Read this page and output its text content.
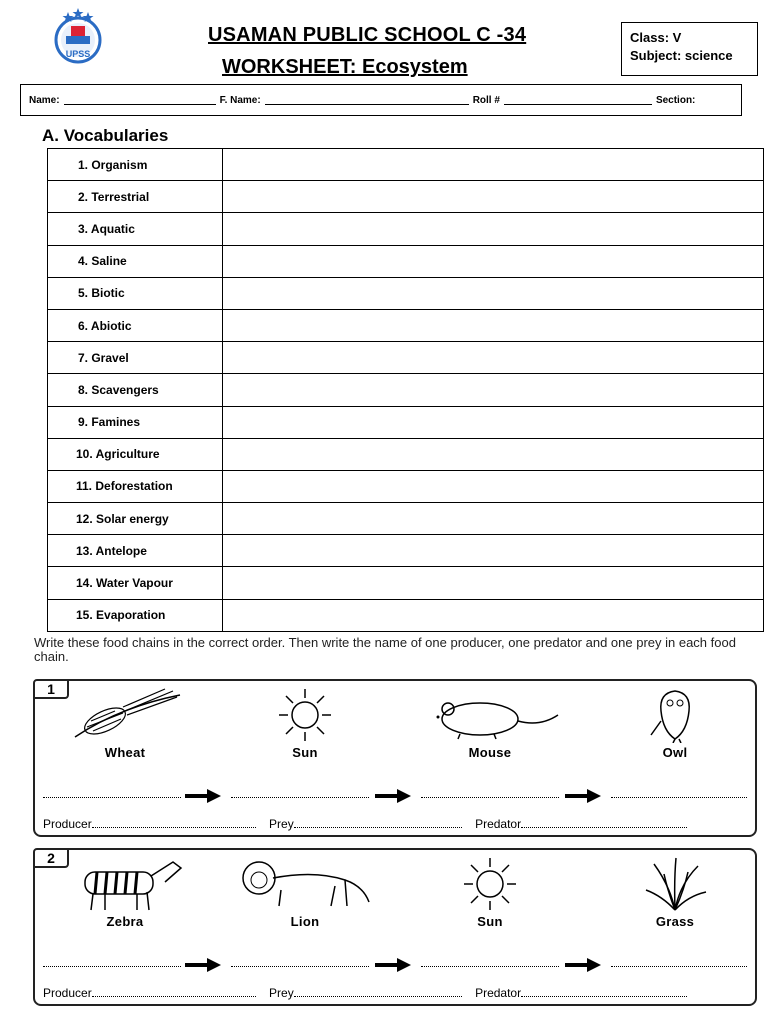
UPSS
USAMAN PUBLIC SCHOOL C -34
WORKSHEET: Ecosystem
Class: V
Subject: science
Name:	F. Name:	Roll #	Section:
A. Vocabularies
1. Organism	
2. Terrestrial	
3. Aquatic	
4. Saline	
5. Biotic	
6. Abiotic	
7. Gravel	
8. Scavengers	
9. Famines	
10. Agriculture	
11. Deforestation	
12. Solar energy	
13. Antelope	
14. Water Vapour	
15. Evaporation	
Write these food chains in the correct order. Then write the name of one producer, one predator and one prey in each food chain.
1
Wheat	Sun	Mouse	Owl
Producer	Prey	Predator
2
Zebra	Lion	Sun	Grass
Producer	Prey	Predator
